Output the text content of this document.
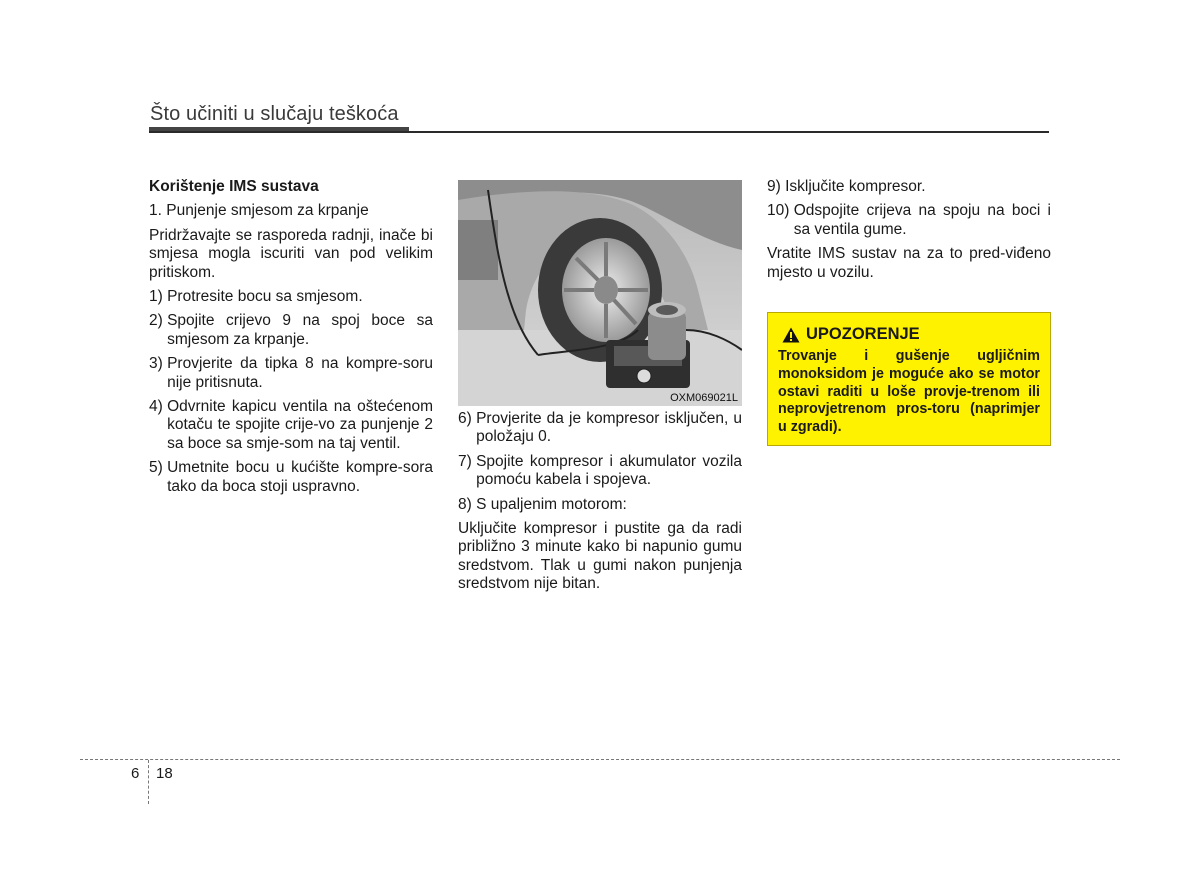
Što učiniti u slučaju teškoća

Korištenje IMS sustava

1. Punjenje smjesom za krpanje

Pridržavajte se rasporeda radnji, inače bi smjesa mogla iscuriti van pod velikim pritiskom.

1) Protresite bocu sa smjesom.
2) Spojite crijevo 9 na spoj boce sa smjesom za krpanje.
3) Provjerite da tipka 8 na kompre-soru nije pritisnuta.
4) Odvrnite kapicu ventila na oštećenom kotaču te spojite crije-vo za punjenje 2 sa boce sa smje-som na taj ventil.
5) Umetnite bocu u kućište kompre-sora tako da boca stoji uspravno.
OXM069021L
6) Provjerite da je kompresor isključen, u položaju 0.
7) Spojite kompresor i akumulator vozila pomoću kabela i spojeva.
8) S upaljenim motorom:

Uključite kompresor i pustite ga da radi približno 3 minute kako bi napunio gumu sredstvom. Tlak u gumi nakon punjenja sredstvom nije bitan.

9) Isključite kompresor.
10) Odspojite crijeva na spoju na boci i sa ventila gume.

Vratite IMS sustav na za to pred-viđeno mjesto u vozilu.

UPOZORENJE
Trovanje i gušenje ugljičnim monoksidom je moguće ako se motor ostavi raditi u loše provje-trenom ili neprovjetrenom pros-toru (naprimjer u zgradi).
6 18
